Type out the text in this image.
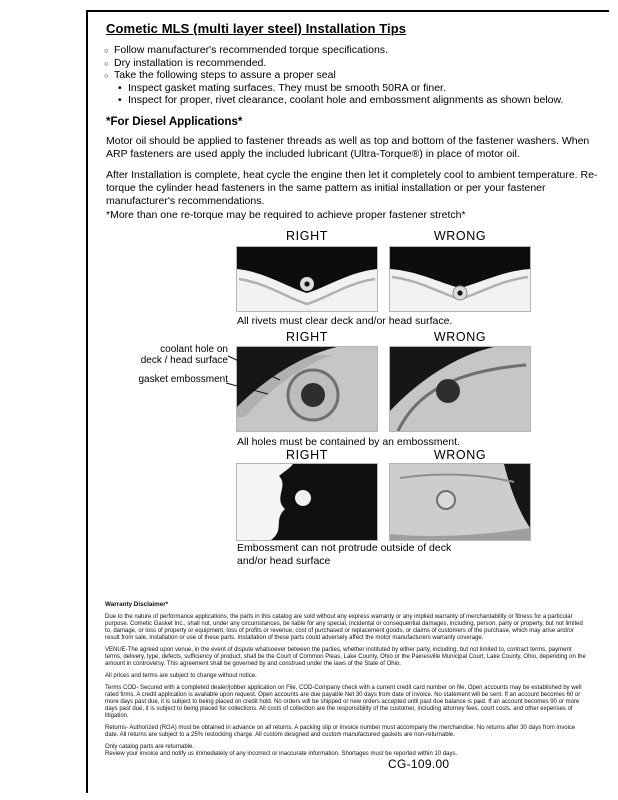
Cometic MLS (multi layer steel) Installation Tips
○ Follow manufacturer's recommended torque specifications.
○ Dry installation is recommended.
○ Take the following steps to assure a proper seal
• Inspect gasket mating surfaces. They must be smooth 50RA or finer.
• Inspect for proper, rivet clearance, coolant hole and embossment alignments as shown below.
*For Diesel Applications*
Motor oil should be applied to fastener threads as well as top and bottom of the fastener washers. When ARP fasteners are used apply the included lubricant (Ultra-Torque®) in place of motor oil.
After Installation is complete, heat cycle the engine then let it completely cool to ambient temperature. Re-torque the cylinder head fasteners in the same pattern as initial installation or per your fastener manufacturer's recommendations.
*More than one re-torque may be required to achieve proper fastener stretch*
RIGHT	WRONG
All rivets must clear deck and/or head surface.
RIGHT	WRONG
coolant hole on
deck / head surface
gasket embossment
All holes must be contained by an embossment.
RIGHT	WRONG
Embossment can not protrude outside of deck and/or head surface
Warranty Disclaimer*

Due to the nature of performance applications, the parts in this catalog are sold without any express warranty or any implied warranty of merchantability or fitness for a particular purpose. Cometic Gasket Inc., shall not, under any circumstances, be liable for any special, incidental or consequential damages, including, person, party or property, but not limited to, damage, or loss of property or equipment, loss of profits or revenue, cost of purchased or replacement goods, or claims of customers of the purchase, which may arise and/or result from sale, installation or use of these parts. Installation of these parts could adversely affect the motor manufacturers warranty coverage.

VENUE-The agreed upon venue, in the event of dispute whatsoever between the parties, whether instituted by either party, including, but not limited to, contract terms, payment terms, delivery, type, defects, sufficiency of product, shall be the Court of Common Pleas, Lake County, Ohio or the Painesville Municipal Court, Lake County, Ohio, depending on the amount in controversy. This agreement shall be governed by and construed under the laws of the State of Ohio.

All prices and terms are subject to change without notice.

Terms COD- Secured with a completed dealer/jobber application on File, COD-Company check with a current credit card number on file. Open accounts may be established by well rated firms. A credit application is available upon request. Open accounts are due payable Net 30 days from date of invoice. No statement will be sent. If an account becomes 60 or more days past due, it is subject to being placed on credit hold. No orders will be shipped or new orders accepted until past due balance is paid. If an account becomes 90 or more days past due, it is subject to being placed for collections. All costs of collection are the responsibility of the customer, including attorney fees, court costs, and other expenses of litigation.

Returns- Authorized (RGA) must be obtained in advance on all returns. A packing slip or invoice number must accompany the merchandise. No returns after 30 days from invoice date. All returns are subject to a 25% restocking charge. All custom designed and custom manufactured gaskets are non-returnable.

Only catalog parts are returnable.

Review your invoice and notify us immediately of any incorrect or inaccurate information. Shortages must be reported within 10 days.

CG-109.00
